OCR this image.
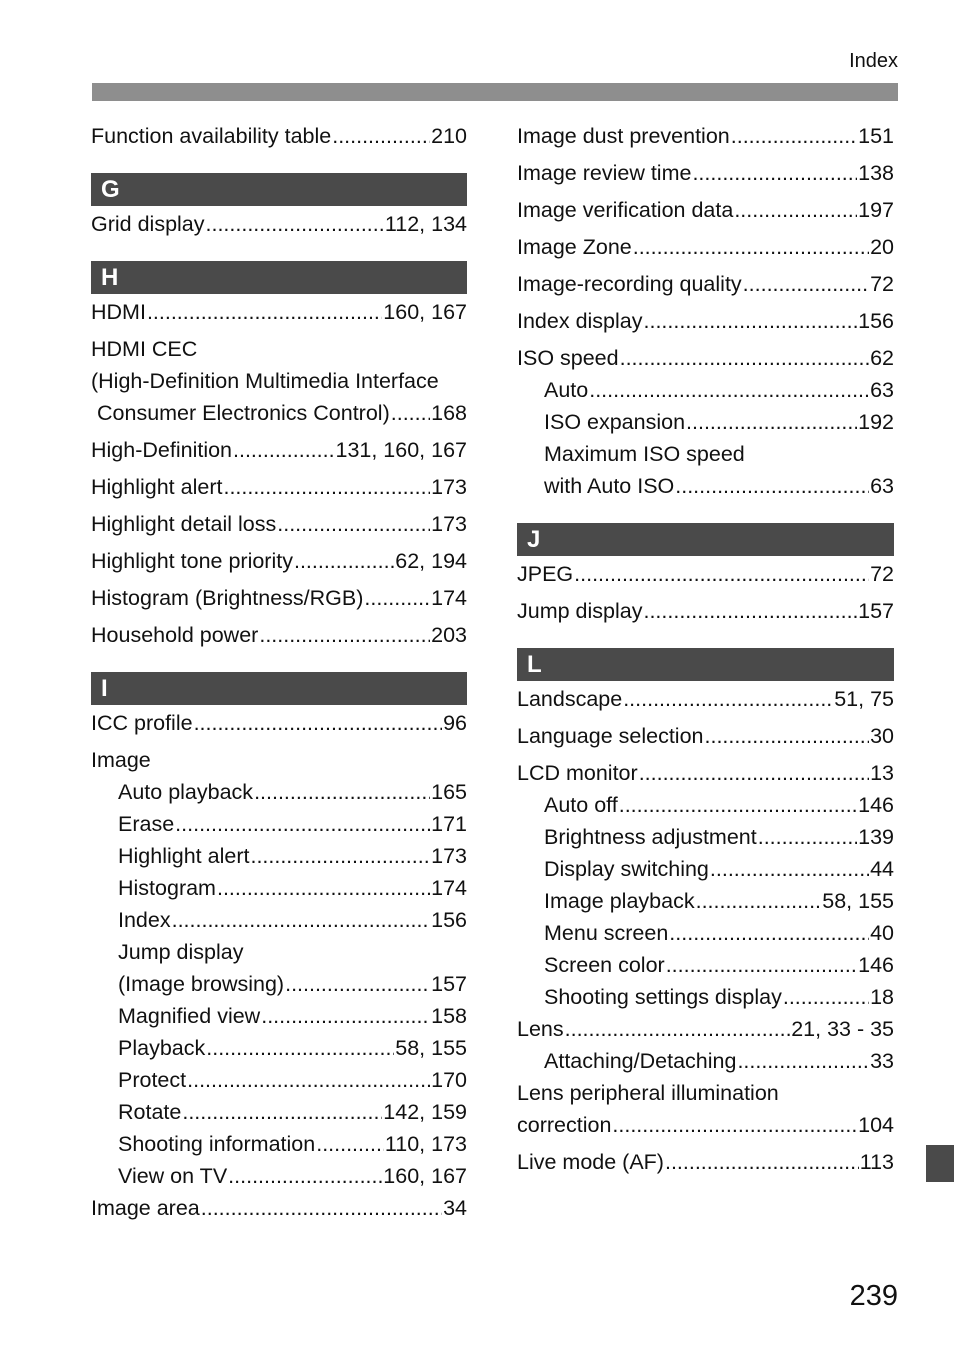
Index
Function availability table .....	210
G
Grid display .....	112, 134
H
HDMI .....	160, 167
HDMI CEC
(High-Definition Multimedia Interface
Consumer Electronics Control) ..... 168
High-Definition .....	131, 160, 167
Highlight alert .....	173
Highlight detail loss .....	173
Highlight tone priority .....	62, 194
Histogram (Brightness/RGB) .....	174
Household power .....	203
I
ICC profile .....	96
Image
Auto playback .....	165
Erase .....	171
Highlight alert .....	173
Histogram .....	174
Index .....	156
Jump display
(Image browsing) .....	157
Magnified view .....	158
Playback .....	58, 155
Protect .....	170
Rotate .....	142, 159
Shooting information .....	110, 173
View on TV .....	160, 167
Image area .....	34
Image dust prevention .....	151
Image review time .....	138
Image verification data .....	197
Image Zone .....	20
Image-recording quality .....	72
Index display .....	156
ISO speed .....	62
Auto .....	63
ISO expansion .....	192
Maximum ISO speed
with Auto ISO .....	63
J
JPEG .....	72
Jump display .....	157
L
Landscape .....	51, 75
Language selection .....	30
LCD monitor .....	13
Auto off .....	146
Brightness adjustment .....	139
Display switching .....	44
Image playback .....	58, 155
Menu screen .....	40
Screen color .....	146
Shooting settings display .....	18
Lens .....	21, 33 - 35
Attaching/Detaching .....	33
Lens peripheral illumination
correction .....	104
Live mode (AF) .....	113
239
